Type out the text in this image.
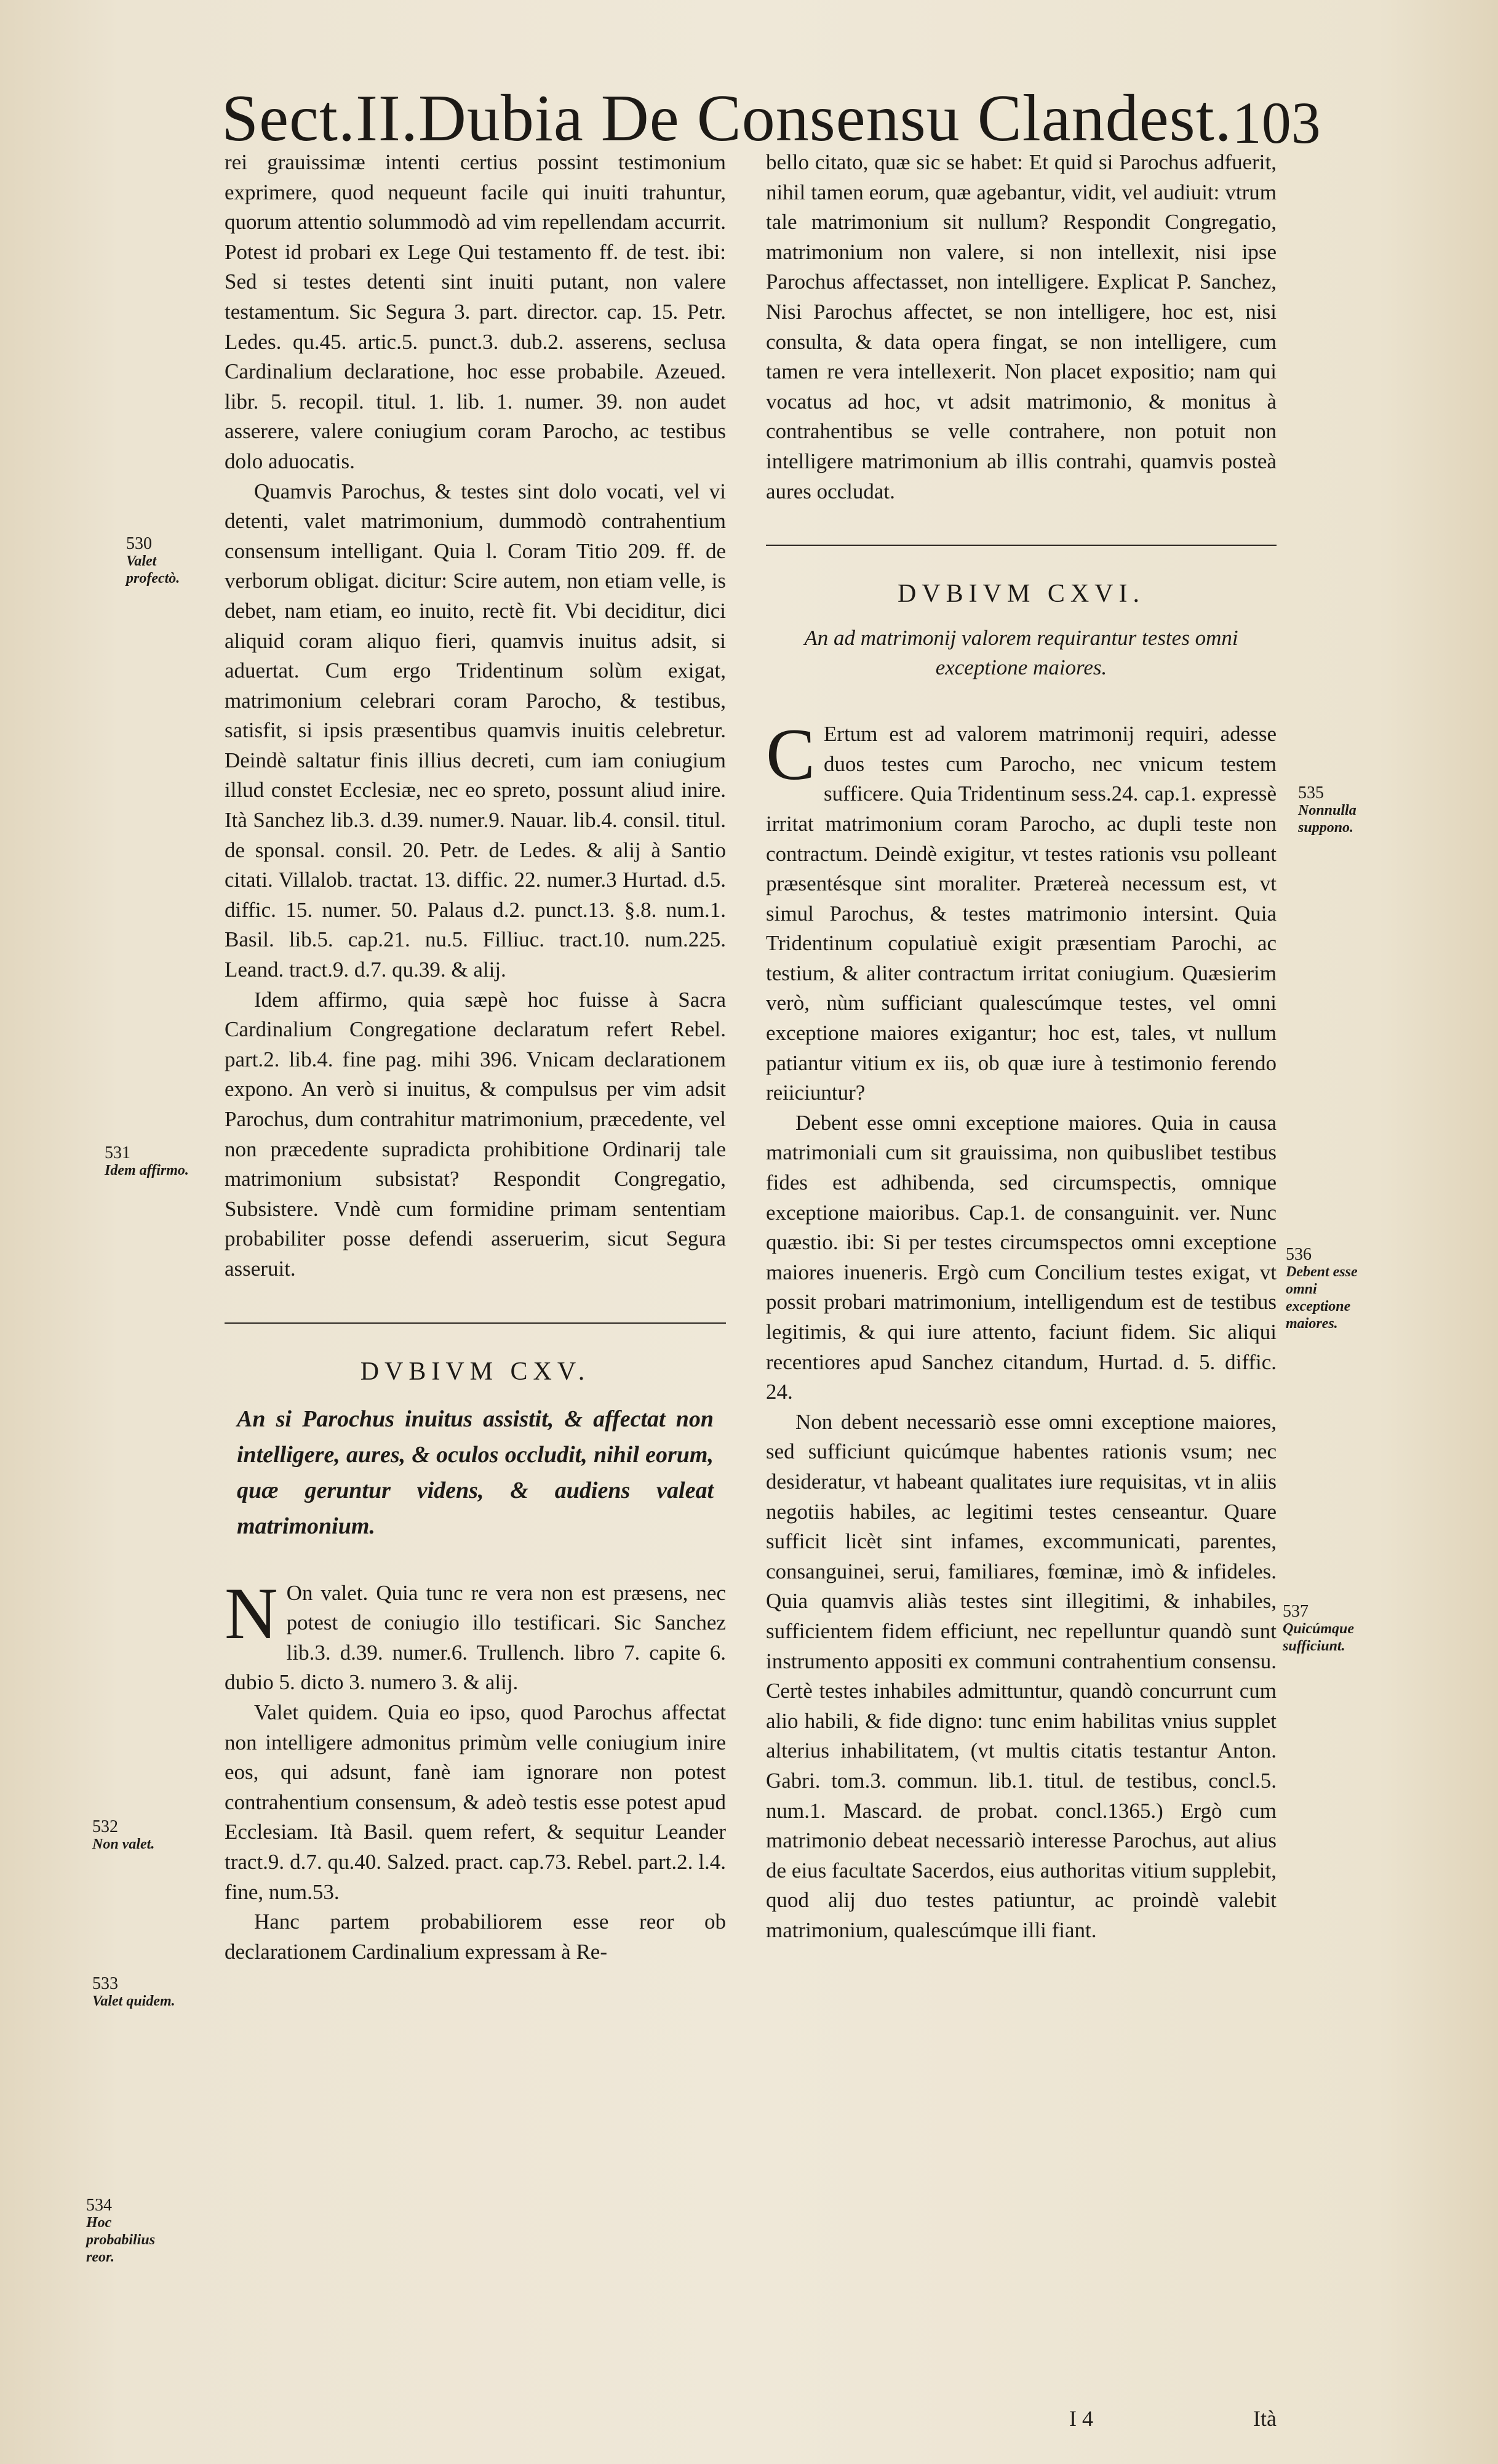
Sect.II.Dubia De Consensu Clandest. 103

rei grauissimæ intenti certius possint testimonium exprimere, quod nequeunt facile qui inuiti trahuntur, quorum attentio solummodò ad vim repellendam accurrit. Potest id probari ex Lege Qui testamento ff. de test. ibi: Sed si testes detenti sint inuiti putant, non valere testamentum. Sic Segura 3. part. director. cap. 15. Petr. Ledes. qu.45. artic.5. punct.3. dub.2. asserens, seclusa Cardinalium declaratione, hoc esse probabile. Azeued. libr. 5. recopil. titul. 1. lib. 1. numer. 39. non audet asserere, valere coniugium coram Parocho, ac testibus dolo aduocatis.

Quamvis Parochus, & testes sint dolo vocati, vel vi detenti, valet matrimonium, dummodò contrahentium consensum intelligant. Quia l. Coram Titio 209. ff. de verborum obligat. dicitur: Scire autem, non etiam velle, is debet, nam etiam, eo inuito, rectè fit. Vbi deciditur, dici aliquid coram aliquo fieri, quamvis inuitus adsit, si aduertat. Cum ergo Tridentinum solùm exigat, matrimonium celebrari coram Parocho, & testibus, satisfit, si ipsis præsentibus quamvis inuitis celebretur. Deindè saltatur finis illius decreti, cum iam coniugium illud constet Ecclesiæ, nec eo spreto, possunt aliud inire. Ità Sanchez lib.3. d.39. numer.9. Nauar. lib.4. consil. titul. de sponsal. consil. 20. Petr. de Ledes. & alij à Santio citati. Villalob. tractat. 13. diffic. 22. numer.3 Hurtad. d.5. diffic. 15. numer. 50. Palaus d.2. punct.13. §.8. num.1. Basil. lib.5. cap.21. nu.5. Filliuc. tract.10. num.225. Leand. tract.9. d.7. qu.39. & alij.

Idem affirmo, quia sæpè hoc fuisse à Sacra Cardinalium Congregatione declaratum refert Rebel. part.2. lib.4. fine pag. mihi 396. Vnicam declarationem expono. An verò si inuitus, & compulsus per vim adsit Parochus, dum contrahitur matrimonium, præcedente, vel non præcedente supradicta prohibitione Ordinarij tale matrimonium subsistat? Respondit Congregatio, Subsistere. Vndè cum formidine primam sententiam probabiliter posse defendi asseruerim, sicut Segura asseruit.

DVBIVM CXV.
An si Parochus inuitus assistit, & affectat non intelligere, aures, & oculos occludit, nihil eorum, quæ geruntur videns, & audiens valeat matrimonium.

N On valet. Quia tunc re vera non est præsens, nec potest de coniugio illo testificari. Sic Sanchez lib.3. d.39. numer.6. Trullench. libro 7. capite 6. dubio 5. dicto 3. numero 3. & alij.

Valet quidem. Quia eo ipso, quod Parochus affectat non intelligere admonitus primùm velle coniugium inire eos, qui adsunt, fanè iam ignorare non potest contrahentium consensum, & adeò testis esse potest apud Ecclesiam. Ità Basil. quem refert, & sequitur Leander tract.9. d.7. qu.40. Salzed. pract. cap.73. Rebel. part.2. l.4. fine, num.53.

Hanc partem probabiliorem esse reor ob declarationem Cardinalium expressam à Re-

bello citato, quæ sic se habet: Et quid si Parochus adfuerit, nihil tamen eorum, quæ agebantur, vidit, vel audiuit: vtrum tale matrimonium sit nullum? Respondit Congregatio, matrimonium non valere, si non intellexit, nisi ipse Parochus affectasset, non intelligere. Explicat P. Sanchez, Nisi Parochus affectet, se non intelligere, hoc est, nisi consulta, & data opera fingat, se non intelligere, cum tamen re vera intellexerit. Non placet expositio; nam qui vocatus ad hoc, vt adsit matrimonio, & monitus à contrahentibus se velle contrahere, non potuit non intelligere matrimonium ab illis contrahi, quamvis posteà aures occludat.

DVBIVM CXVI.
An ad matrimonij valorem requirantur testes omni exceptione maiores.

C Ertum est ad valorem matrimonij requiri, adesse duos testes cum Parocho, nec vnicum testem sufficere. Quia Tridentinum sess.24. cap.1. expressè irritat matrimonium coram Parocho, ac dupli teste non contractum. Deindè exigitur, vt testes rationis vsu polleant præsentésque sint moraliter. Prætereà necessum est, vt simul Parochus, & testes matrimonio intersint. Quia Tridentinum copulatiuè exigit præsentiam Parochi, ac testium, & aliter contractum irritat coniugium. Quæsierim verò, nùm sufficiant qualescúmque testes, vel omni exceptione maiores exigantur; hoc est, tales, vt nullum patiantur vitium ex iis, ob quæ iure à testimonio ferendo reiiciuntur?

Debent esse omni exceptione maiores. Quia in causa matrimoniali cum sit grauissima, non quibuslibet testibus fides est adhibenda, sed circumspectis, omnique exceptione maioribus. Cap.1. de consanguinit. ver. Nunc quæstio. ibi: Si per testes circumspectos omni exceptione maiores inueneris. Ergò cum Concilium testes exigat, vt possit probari matrimonium, intelligendum est de testibus legitimis, & qui iure attento, faciunt fidem. Sic aliqui recentiores apud Sanchez citandum, Hurtad. d. 5. diffic. 24.

Non debent necessariò esse omni exceptione maiores, sed sufficiunt quicúmque habentes rationis vsum; nec desideratur, vt habeant qualitates iure requisitas, vt in aliis negotiis habiles, ac legitimi testes censeantur. Quare sufficit licèt sint infames, excommunicati, parentes, consanguinei, serui, familiares, fœminæ, imò & infideles. Quia quamvis aliàs testes sint illegitimi, & inhabiles, sufficientem fidem efficiunt, nec repelluntur quandò sunt instrumento appositi ex communi contrahentium consensu. Certè testes inhabiles admittuntur, quandò concurrunt cum alio habili, & fide digno: tunc enim habilitas vnius supplet alterius inhabilitatem, (vt multis citatis testantur Anton. Gabri. tom.3. commun. lib.1. titul. de testibus, concl.5. num.1. Mascard. de probat. concl.1365.) Ergò cum matrimonio debeat necessariò interesse Parochus, aut alius de eius facultate Sacerdos, eius authoritas vitium supplebit, quod alij duo testes patiuntur, ac proindè valebit matrimonium, qualescúmque illi fiant.

530
Valet profectò.
531
Idem affirmo.
532
Non valet.
533
Valet quidem.
534
Hoc probabilius reor.
535
Nonnulla suppono.
536
Debent esse omni exceptione maiores.
537
Quicúmque sufficiunt.
I 4	Ità
